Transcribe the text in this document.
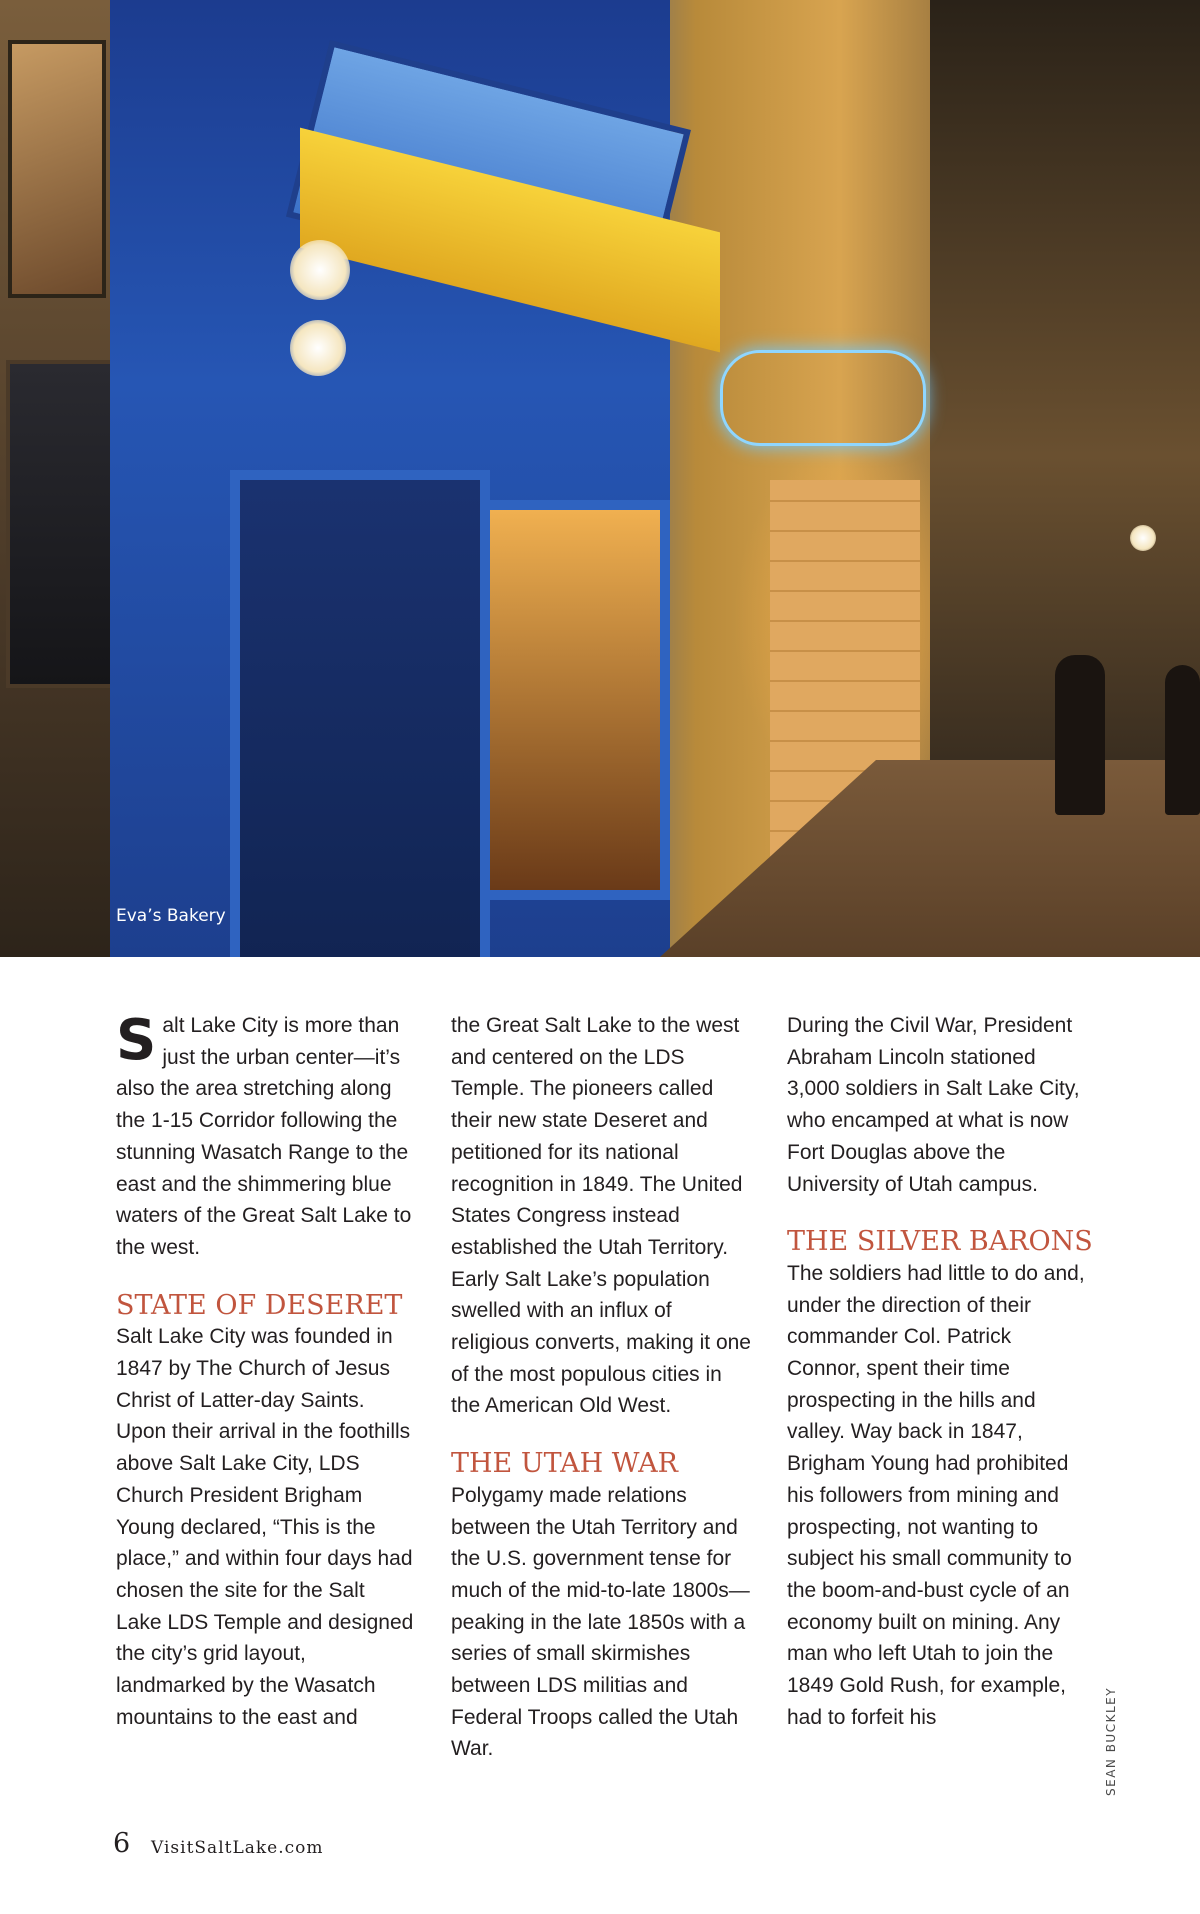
Eva’s Bakery

Salt Lake City is more than just the urban center—it’s also the area stretching along the 1-15 Corridor following the stunning Wasatch Range to the east and the shimmering blue waters of the Great Salt Lake to the west.

STATE OF DESERET

Salt Lake City was founded in 1847 by The Church of Jesus Christ of Latter-day Saints. Upon their arrival in the foothills above Salt Lake City, LDS Church President Brigham Young declared, “This is the place,” and within four days had chosen the site for the Salt Lake LDS Temple and designed the city’s grid layout, landmarked by the Wasatch mountains to the east and

the Great Salt Lake to the west and centered on the LDS Temple. The pioneers called their new state Deseret and petitioned for its national recognition in 1849. The United States Congress instead established the Utah Territory. Early Salt Lake’s population swelled with an influx of religious converts, making it one of the most populous cities in the American Old West.

THE UTAH WAR

Polygamy made relations between the Utah Territory and the U.S. government tense for much of the mid-to-late 1800s—peaking in the late 1850s with a series of small skirmishes between LDS militias and Federal Troops called the Utah War.

During the Civil War, President Abraham Lincoln stationed 3,000 soldiers in Salt Lake City, who encamped at what is now Fort Douglas above the University of Utah campus.

THE SILVER BARONS

The soldiers had little to do and, under the direction of their commander Col. Patrick Connor, spent their time prospecting in the hills and valley. Way back in 1847, Brigham Young had prohibited his followers from mining and prospecting, not wanting to subject his small community to the boom-and-bust cycle of an economy built on mining. Any man who left Utah to join the 1849 Gold Rush, for example, had to forfeit his	SEAN BUCKLEY
6 VisitSaltLake.com
